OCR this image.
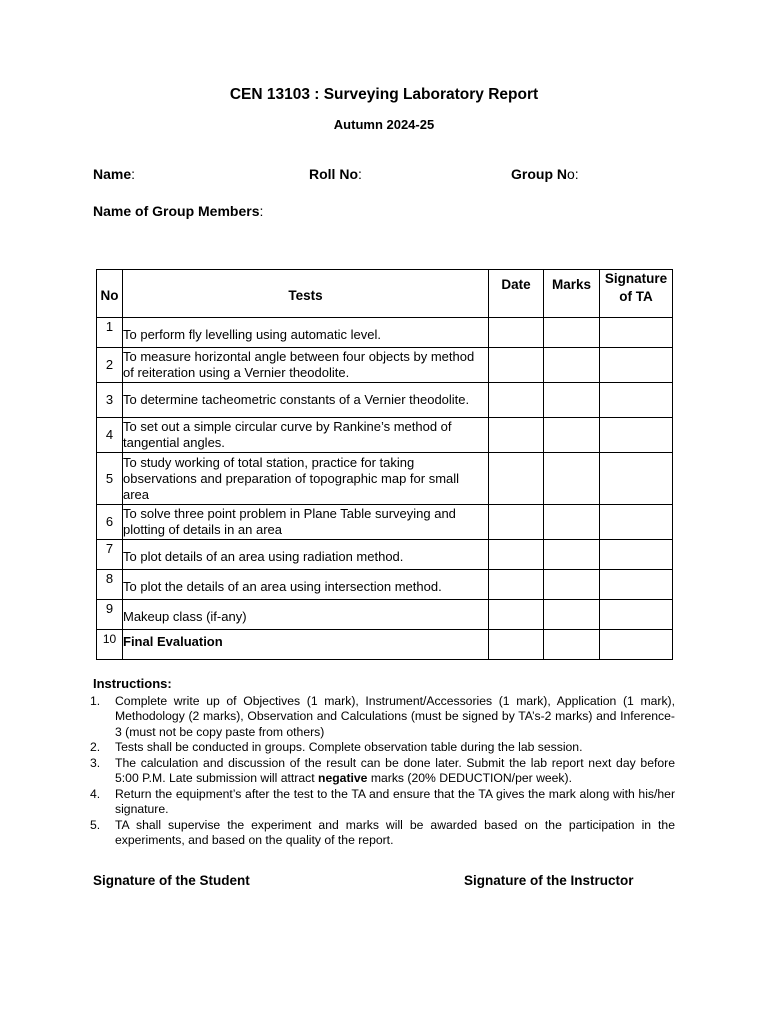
CEN 13103 : Surveying Laboratory Report
Autumn 2024-25
Name:	Roll No:	Group No:
Name of Group Members:
No	Tests	Date	Marks	Signature of TA
1	To perform fly levelling using automatic level.			
2	To measure horizontal angle between four objects by method of reiteration using a Vernier theodolite.			
3	To determine tacheometric constants of a Vernier theodolite.			
4	To set out a simple circular curve by Rankine’s method of tangential angles.			
5	To study working of total station, practice for taking observations and preparation of topographic map for small area			
6	To solve three point problem in Plane Table surveying and plotting of details in an area			
7	To plot details of an area using radiation method.			
8	To plot the details of an area using intersection method.			
9	Makeup class (if-any)			
10	Final Evaluation			
Instructions:
1. Complete write up of Objectives (1 mark), Instrument/Accessories (1 mark), Application (1 mark), Methodology (2 marks), Observation and Calculations (must be signed by TA’s-2 marks) and Inference-3 (must not be copy paste from others)
2. Tests shall be conducted in groups. Complete observation table during the lab session.
3. The calculation and discussion of the result can be done later. Submit the lab report next day before 5:00 P.M. Late submission will attract negative marks (20% DEDUCTION/per week).
4. Return the equipment’s after the test to the TA and ensure that the TA gives the mark along with his/her signature.
5. TA shall supervise the experiment and marks will be awarded based on the participation in the experiments, and based on the quality of the report.
Signature of the Student	Signature of the Instructor
